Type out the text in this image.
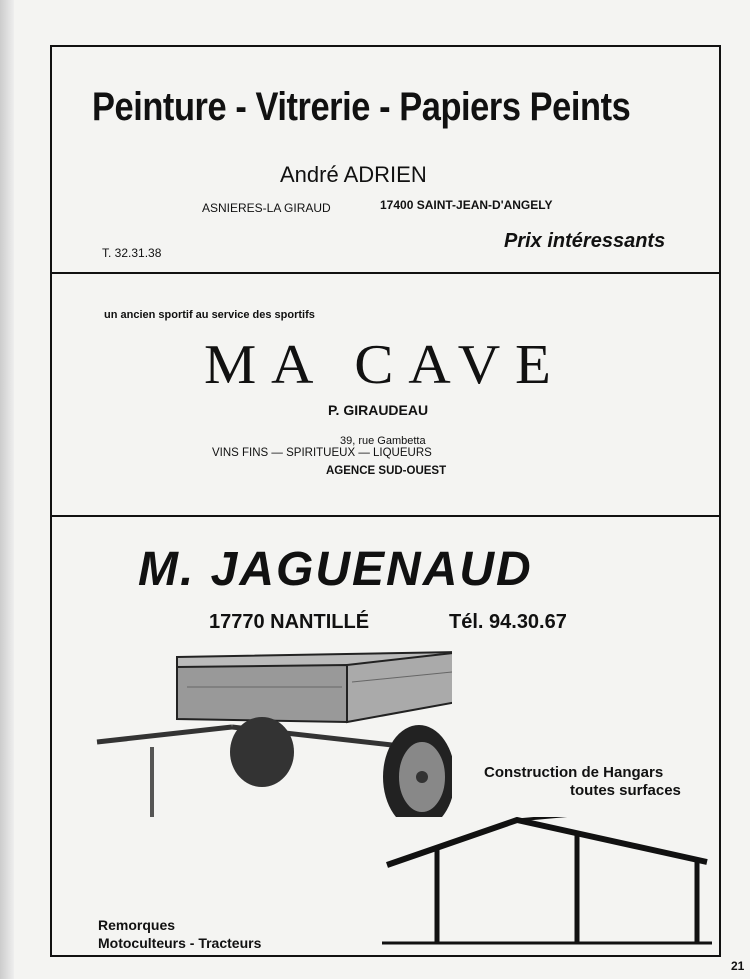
Peinture - Vitrerie - Papiers Peints
André ADRIEN
ASNIERES-LA GIRAUD	17400 SAINT-JEAN-D'ANGELY
T. 32.31.38
Prix intéressants
un ancien sportif au service des sportifs
MA CAVE
P. GIRAUDEAU
39, rue Gambetta
VINS FINS — SPIRITUEUX — LIQUEURS
AGENCE SUD-OUEST
M. JAGUENAUD
17770 NANTILLÉ	Tél. 94.30.67
Construction de Hangars
toutes surfaces
Remorques
Motoculteurs - Tracteurs
21
